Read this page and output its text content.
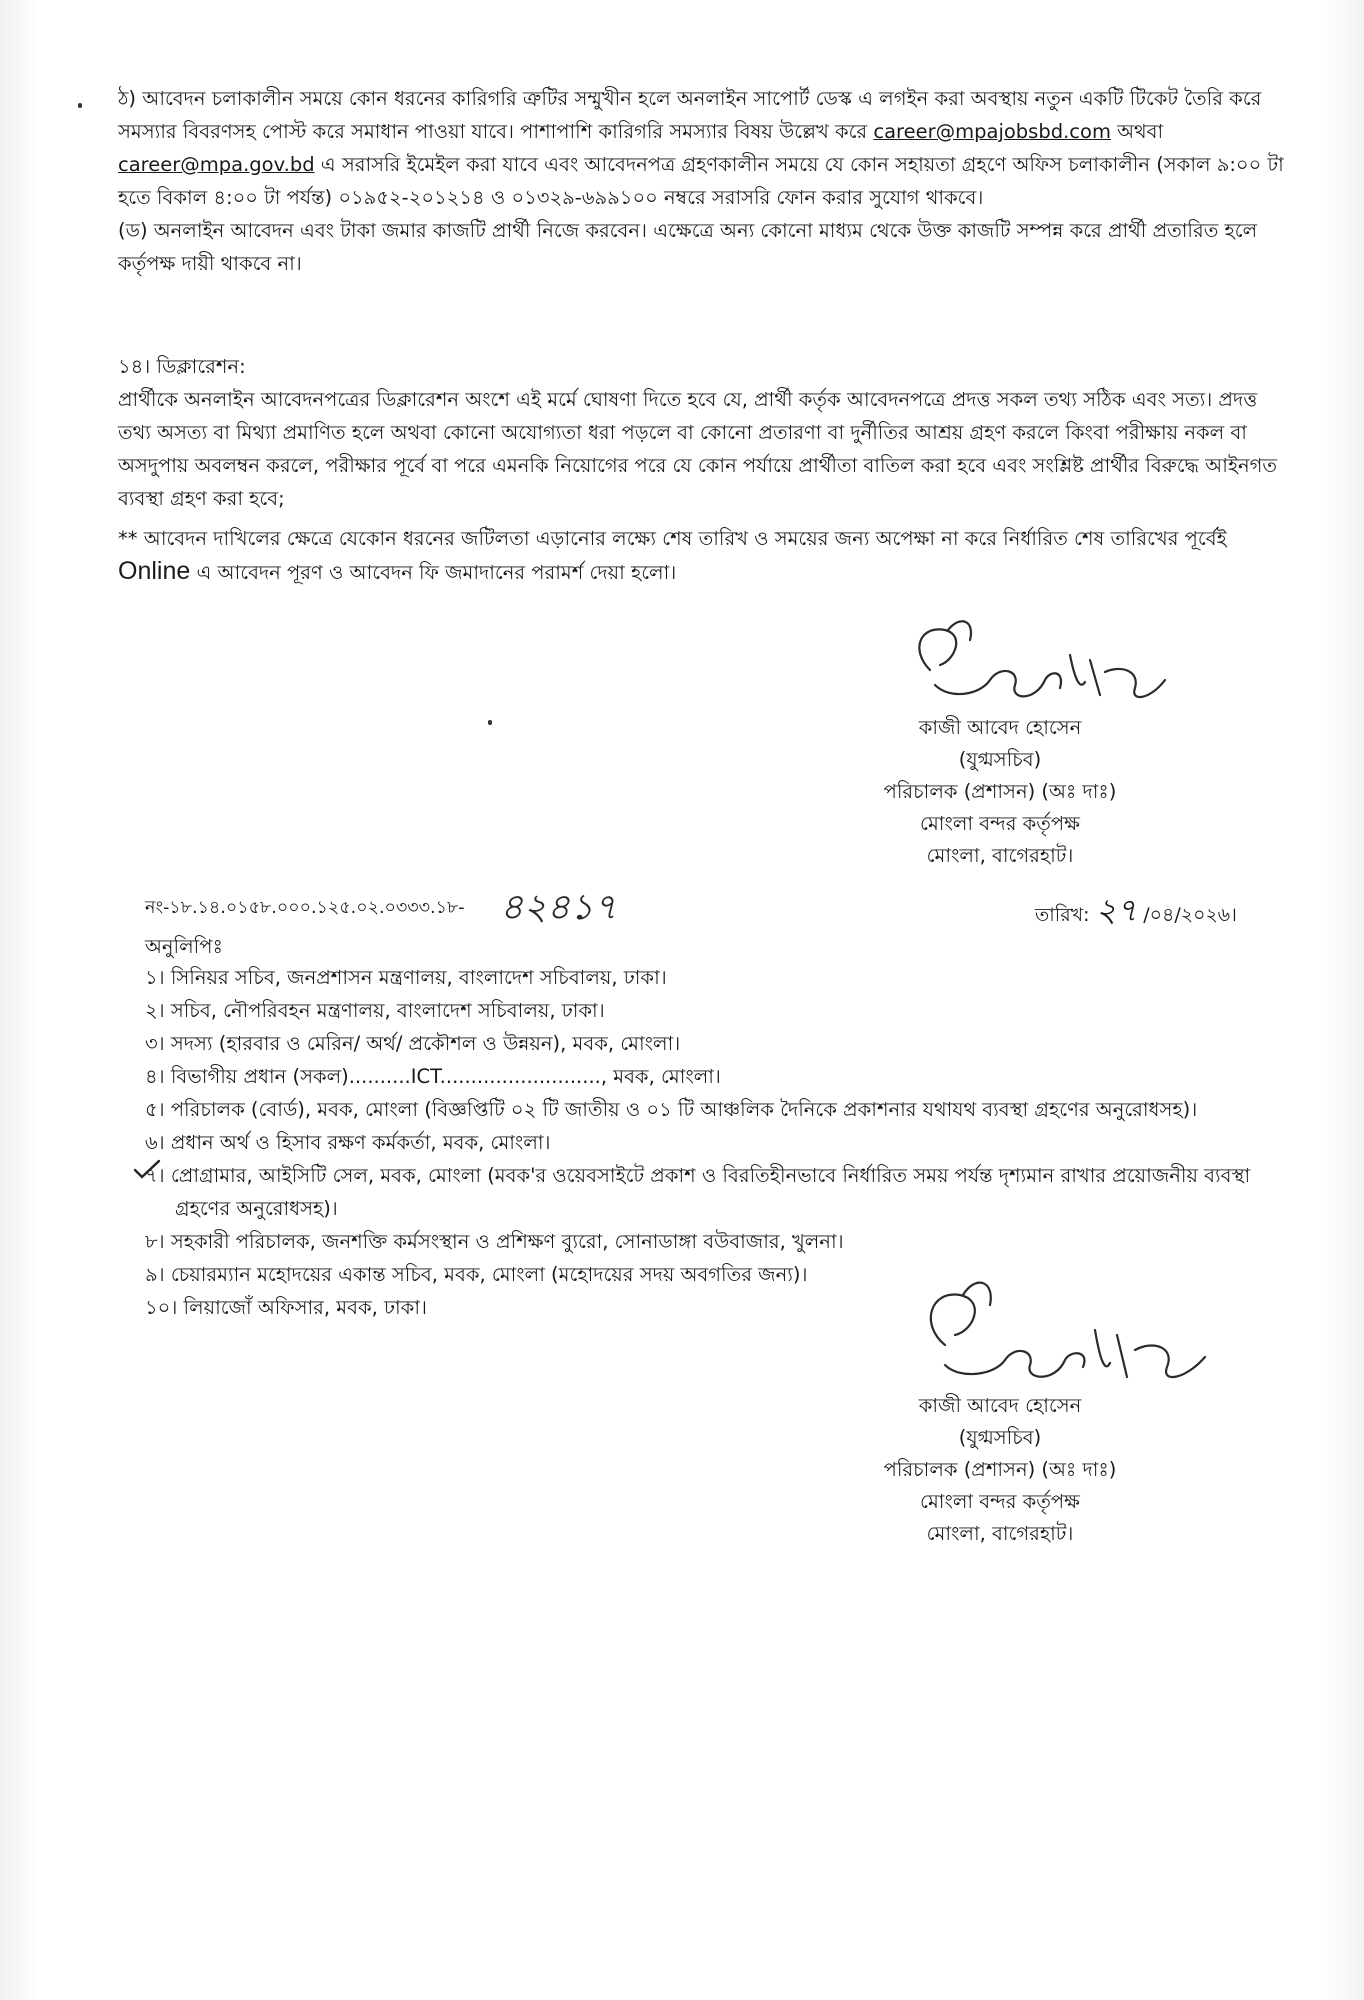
ঠ) আবেদন চলাকালীন সময়ে কোন ধরনের কারিগরি ত্রুটির সম্মুখীন হলে অনলাইন সাপোর্ট ডেস্ক এ লগইন করা অবস্থায় নতুন একটি টিকেট তৈরি করে সমস্যার বিবরণসহ পোস্ট করে সমাধান পাওয়া যাবে। পাশাপাশি কারিগরি সমস্যার বিষয় উল্লেখ করে career@mpajobsbd.com অথবা career@mpa.gov.bd এ সরাসরি ইমেইল করা যাবে এবং আবেদনপত্র গ্রহণকালীন সময়ে যে কোন সহায়তা গ্রহণে অফিস চলাকালীন (সকাল ৯:০০ টা হতে বিকাল ৪:০০ টা পর্যন্ত) ০১৯৫২-২০১২১৪ ও ০১৩২৯-৬৯৯১০০ নম্বরে সরাসরি ফোন করার সুযোগ থাকবে।

(ড) অনলাইন আবেদন এবং টাকা জমার কাজটি প্রার্থী নিজে করবেন। এক্ষেত্রে অন্য কোনো মাধ্যম থেকে উক্ত কাজটি সম্পন্ন করে প্রার্থী প্রতারিত হলে কর্তৃপক্ষ দায়ী থাকবে না।

১৪। ডিক্লারেশন:

প্রার্থীকে অনলাইন আবেদনপত্রের ডিক্লারেশন অংশে এই মর্মে ঘোষণা দিতে হবে যে, প্রার্থী কর্তৃক আবেদনপত্রে প্রদত্ত সকল তথ্য সঠিক এবং সত্য। প্রদত্ত তথ্য অসত্য বা মিথ্যা প্রমাণিত হলে অথবা কোনো অযোগ্যতা ধরা পড়লে বা কোনো প্রতারণা বা দুর্নীতির আশ্রয় গ্রহণ করলে কিংবা পরীক্ষায় নকল বা অসদুপায় অবলম্বন করলে, পরীক্ষার পূর্বে বা পরে এমনকি নিয়োগের পরে যে কোন পর্যায়ে প্রার্থীতা বাতিল করা হবে এবং সংশ্লিষ্ট প্রার্থীর বিরুদ্ধে আইনগত ব্যবস্থা গ্রহণ করা হবে;

** আবেদন দাখিলের ক্ষেত্রে যেকোন ধরনের জটিলতা এড়ানোর লক্ষ্যে শেষ তারিখ ও সময়ের জন্য অপেক্ষা না করে নির্ধারিত শেষ তারিখের পূর্বেই Online এ আবেদন পূরণ ও আবেদন ফি জমাদানের পরামর্শ দেয়া হলো।

কাজী আবেদ হোসেন
(যুগ্মসচিব)
পরিচালক (প্রশাসন) (অঃ দাঃ)
মোংলা বন্দর কর্তৃপক্ষ
মোংলা, বাগেরহাট।
নং-১৮.১৪.০১৫৮.০০০.১২৫.০২.০৩৩৩.১৮- ৪২৪১৭	তারিখ: ২৭ /০৪/২০২৬।
অনুলিপিঃ
১। সিনিয়র সচিব, জনপ্রশাসন মন্ত্রণালয়, বাংলাদেশ সচিবালয়, ঢাকা।
২। সচিব, নৌপরিবহন মন্ত্রণালয়, বাংলাদেশ সচিবালয়, ঢাকা।
৩। সদস্য (হারবার ও মেরিন/ অর্থ/ প্রকৌশল ও উন্নয়ন), মবক, মোংলা।
৪। বিভাগীয় প্রধান (সকল)..........ICT.........................., মবক, মোংলা।
৫। পরিচালক (বোর্ড), মবক, মোংলা (বিজ্ঞপ্তিটি ০২ টি জাতীয় ও ০১ টি আঞ্চলিক দৈনিকে প্রকাশনার যথাযথ ব্যবস্থা গ্রহণের অনুরোধসহ)।
৬। প্রধান অর্থ ও হিসাব রক্ষণ কর্মকর্তা, মবক, মোংলা।
৭। প্রোগ্রামার, আইসিটি সেল, মবক, মোংলা (মবক'র ওয়েবসাইটে প্রকাশ ও বিরতিহীনভাবে নির্ধারিত সময় পর্যন্ত দৃশ্যমান রাখার প্রয়োজনীয় ব্যবস্থা গ্রহণের অনুরোধসহ)।
৮। সহকারী পরিচালক, জনশক্তি কর্মসংস্থান ও প্রশিক্ষণ ব্যুরো, সোনাডাঙ্গা বউবাজার, খুলনা।
৯। চেয়ারম্যান মহোদয়ের একান্ত সচিব, মবক, মোংলা (মহোদয়ের সদয় অবগতির জন্য)।
১০। লিয়াজোঁ অফিসার, মবক, ঢাকা।
কাজী আবেদ হোসেন
(যুগ্মসচিব)
পরিচালক (প্রশাসন) (অঃ দাঃ)
মোংলা বন্দর কর্তৃপক্ষ
মোংলা, বাগেরহাট।
